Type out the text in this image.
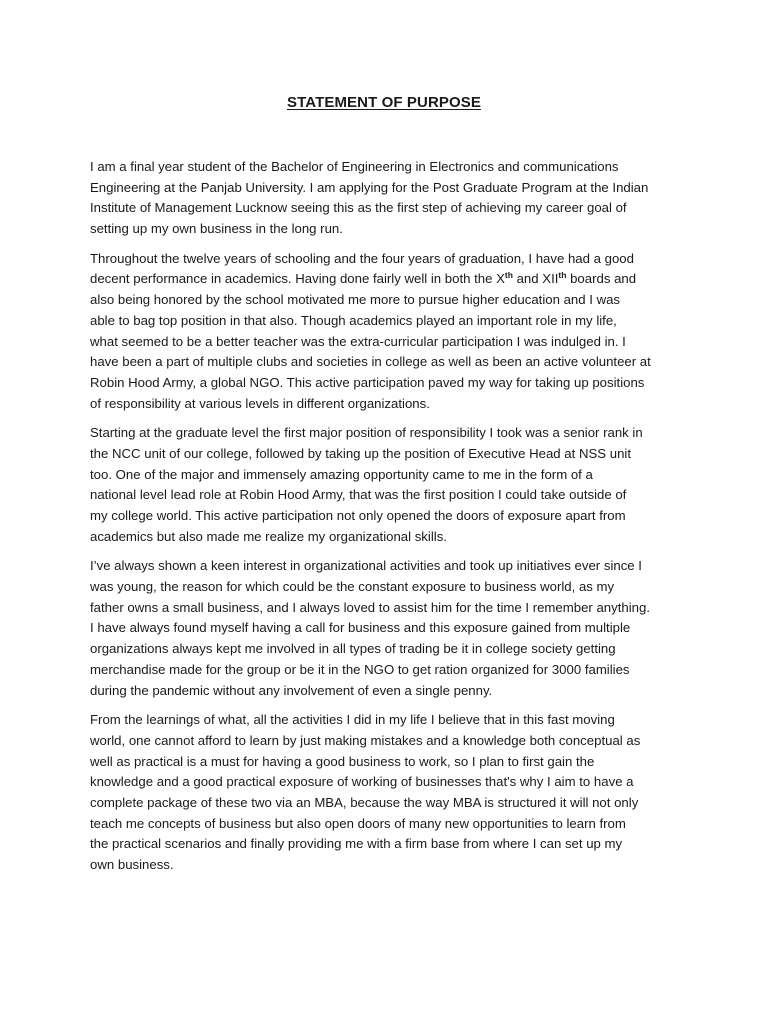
STATEMENT OF PURPOSE

I am a final year student of the Bachelor of Engineering in Electronics and communications
Engineering at the Panjab University. I am applying for the Post Graduate Program at the Indian
Institute of Management Lucknow seeing this as the first step of achieving my career goal of
setting up my own business in the long run.

Throughout the twelve years of schooling and the four years of graduation, I have had a good
decent performance in academics. Having done fairly well in both the Xth and XIIth boards and
also being honored by the school motivated me more to pursue higher education and I was
able to bag top position in that also. Though academics played an important role in my life,
what seemed to be a better teacher was the extra-curricular participation I was indulged in. I
have been a part of multiple clubs and societies in college as well as been an active volunteer at
Robin Hood Army, a global NGO. This active participation paved my way for taking up positions
of responsibility at various levels in different organizations.

Starting at the graduate level the first major position of responsibility I took was a senior rank in
the NCC unit of our college, followed by taking up the position of Executive Head at NSS unit
too. One of the major and immensely amazing opportunity came to me in the form of a
national level lead role at Robin Hood Army, that was the first position I could take outside of
my college world. This active participation not only opened the doors of exposure apart from
academics but also made me realize my organizational skills.

I’ve always shown a keen interest in organizational activities and took up initiatives ever since I
was young, the reason for which could be the constant exposure to business world, as my
father owns a small business, and I always loved to assist him for the time I remember anything.
I have always found myself having a call for business and this exposure gained from multiple
organizations always kept me involved in all types of trading be it in college society getting
merchandise made for the group or be it in the NGO to get ration organized for 3000 families
during the pandemic without any involvement of even a single penny.

From the learnings of what, all the activities I did in my life I believe that in this fast moving
world, one cannot afford to learn by just making mistakes and a knowledge both conceptual as
well as practical is a must for having a good business to work, so I plan to first gain the
knowledge and a good practical exposure of working of businesses that's why I aim to have a
complete package of these two via an MBA, because the way MBA is structured it will not only
teach me concepts of business but also open doors of many new opportunities to learn from
the practical scenarios and finally providing me with a firm base from where I can set up my
own business.
